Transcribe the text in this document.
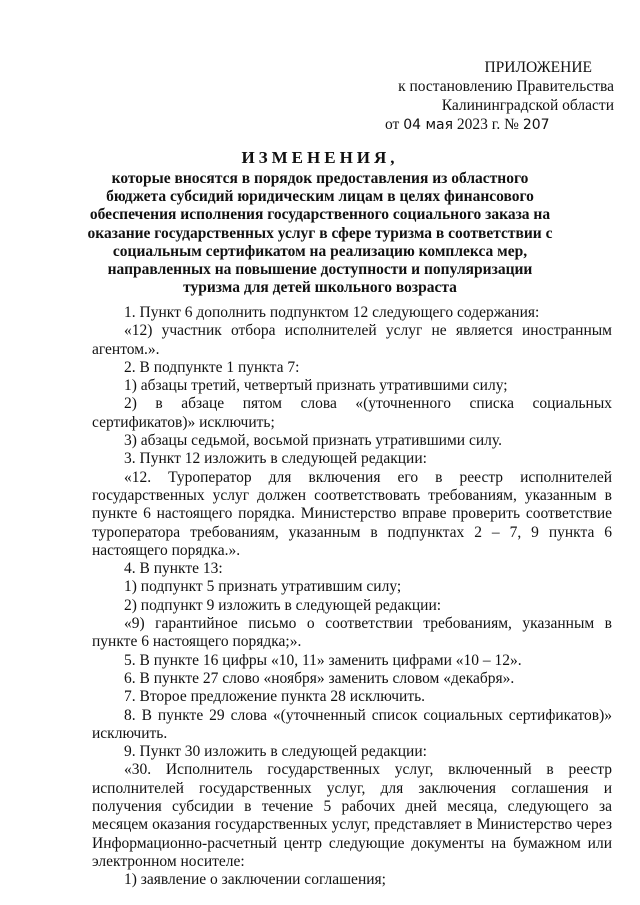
ПРИЛОЖЕНИЕ
к постановлению Правительства
Калининградской области
от 04 мая 2023 г. № 207
ИЗМЕНЕНИЯ,
которые вносятся в порядок предоставления из областного бюджета субсидий юридическим лицам в целях финансового обеспечения исполнения государственного социального заказа на оказание государственных услуг в сфере туризма в соответствии с социальным сертификатом на реализацию комплекса мер, направленных на повышение доступности и популяризации туризма для детей школьного возраста

1. Пункт 6 дополнить подпунктом 12 следующего содержания:

«12) участник отбора исполнителей услуг не является иностранным агентом.».

2. В подпункте 1 пункта 7:

1) абзацы третий, четвертый признать утратившими силу;

2) в абзаце пятом слова «(уточненного списка социальных сертификатов)» исключить;

3) абзацы седьмой, восьмой признать утратившими силу.

3. Пункт 12 изложить в следующей редакции:

«12. Туроператор для включения его в реестр исполнителей государственных услуг должен соответствовать требованиям, указанным в пункте 6 настоящего порядка. Министерство вправе проверить соответствие туроператора требованиям, указанным в подпунктах 2 – 7, 9 пункта 6 настоящего порядка.».

4. В пункте 13:

1) подпункт 5 признать утратившим силу;

2) подпункт 9 изложить в следующей редакции:

«9) гарантийное письмо о соответствии требованиям, указанным в пункте 6 настоящего порядка;».

5. В пункте 16 цифры «10, 11» заменить цифрами «10 – 12».

6. В пункте 27 слово «ноября» заменить словом «декабря».

7. Второе предложение пункта 28 исключить.

8. В пункте 29 слова «(уточненный список социальных сертификатов)» исключить.

9. Пункт 30 изложить в следующей редакции:

«30. Исполнитель государственных услуг, включенный в реестр исполнителей государственных услуг, для заключения соглашения и получения субсидии в течение 5 рабочих дней месяца, следующего за месяцем оказания государственных услуг, представляет в Министерство через Информационно-расчетный центр следующие документы на бумажном или электронном носителе:

1) заявление о заключении соглашения;
